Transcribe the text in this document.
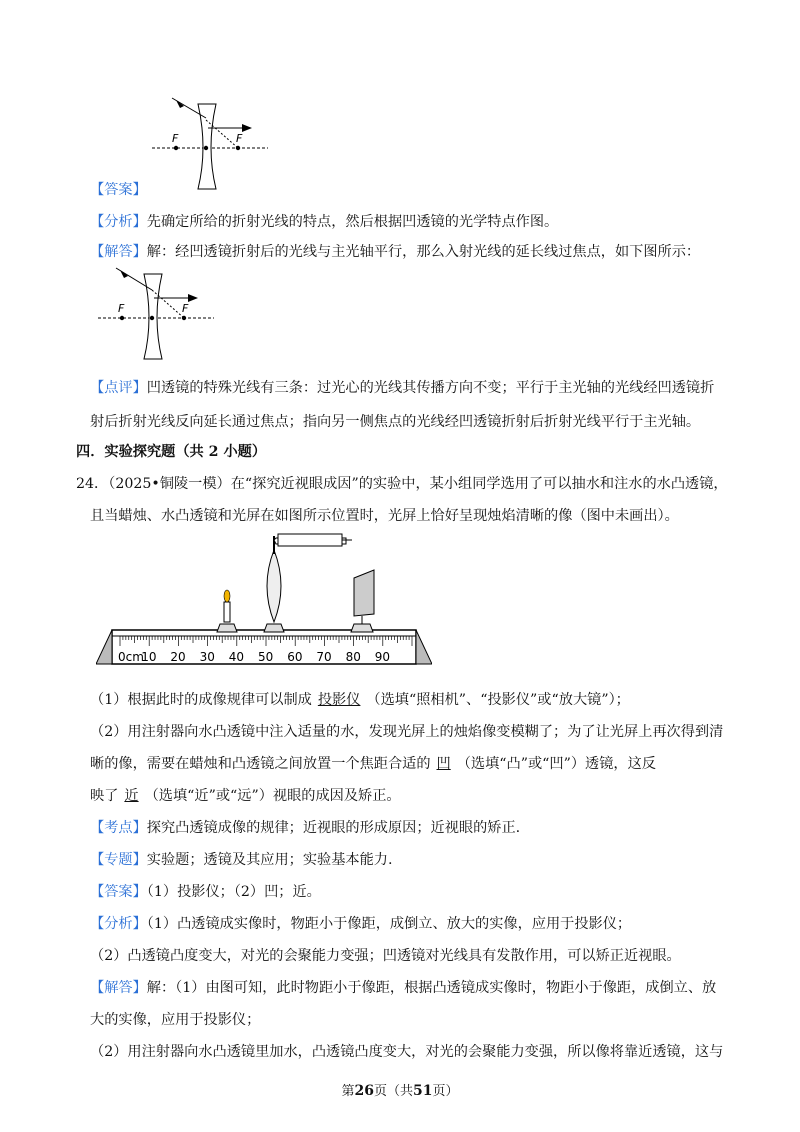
F	F
【答案】
【分析】先确定所给的折射光线的特点，然后根据凹透镜的光学特点作图。
【解答】解：经凹透镜折射后的光线与主光轴平行，那么入射光线的延长线过焦点，如下图所示：
F	F
【点评】凹透镜的特殊光线有三条：过光心的光线其传播方向不变；平行于主光轴的光线经凹透镜折
射后折射光线反向延长通过焦点；指向另一侧焦点的光线经凹透镜折射后折射光线平行于主光轴。
四．实验探究题（共 2 小题）
24．（2025•铜陵一模）在“探究近视眼成因”的实验中，某小组同学选用了可以抽水和注水的水凸透镜，
且当蜡烛、水凸透镜和光屏在如图所示位置时，光屏上恰好呈现烛焰清晰的像（图中未画出）。
0cm
10 20 30 40 50 60 70 80 90
（1）根据此时的成像规律可以制成 投影仪 （选填“照相机”、“投影仪”或“放大镜”）；
（2）用注射器向水凸透镜中注入适量的水，发现光屏上的烛焰像变模糊了；为了让光屏上再次得到清
晰的像，需要在蜡烛和凸透镜之间放置一个焦距合适的 凹 （选填“凸”或“凹”）透镜，这反
映了 近 （选填“近”或“远”）视眼的成因及矫正。
【考点】探究凸透镜成像的规律；近视眼的形成原因；近视眼的矫正.
【专题】实验题；透镜及其应用；实验基本能力.
【答案】（1）投影仪；（2）凹；近。
【分析】（1）凸透镜成实像时，物距小于像距，成倒立、放大的实像，应用于投影仪；
（2）凸透镜凸度变大，对光的会聚能力变强；凹透镜对光线具有发散作用，可以矫正近视眼。
【解答】解：（1）由图可知，此时物距小于像距，根据凸透镜成实像时，物距小于像距，成倒立、放
大的实像，应用于投影仪；
（2）用注射器向水凸透镜里加水，凸透镜凸度变大，对光的会聚能力变强，所以像将靠近透镜，这与
第26页（共51页）
